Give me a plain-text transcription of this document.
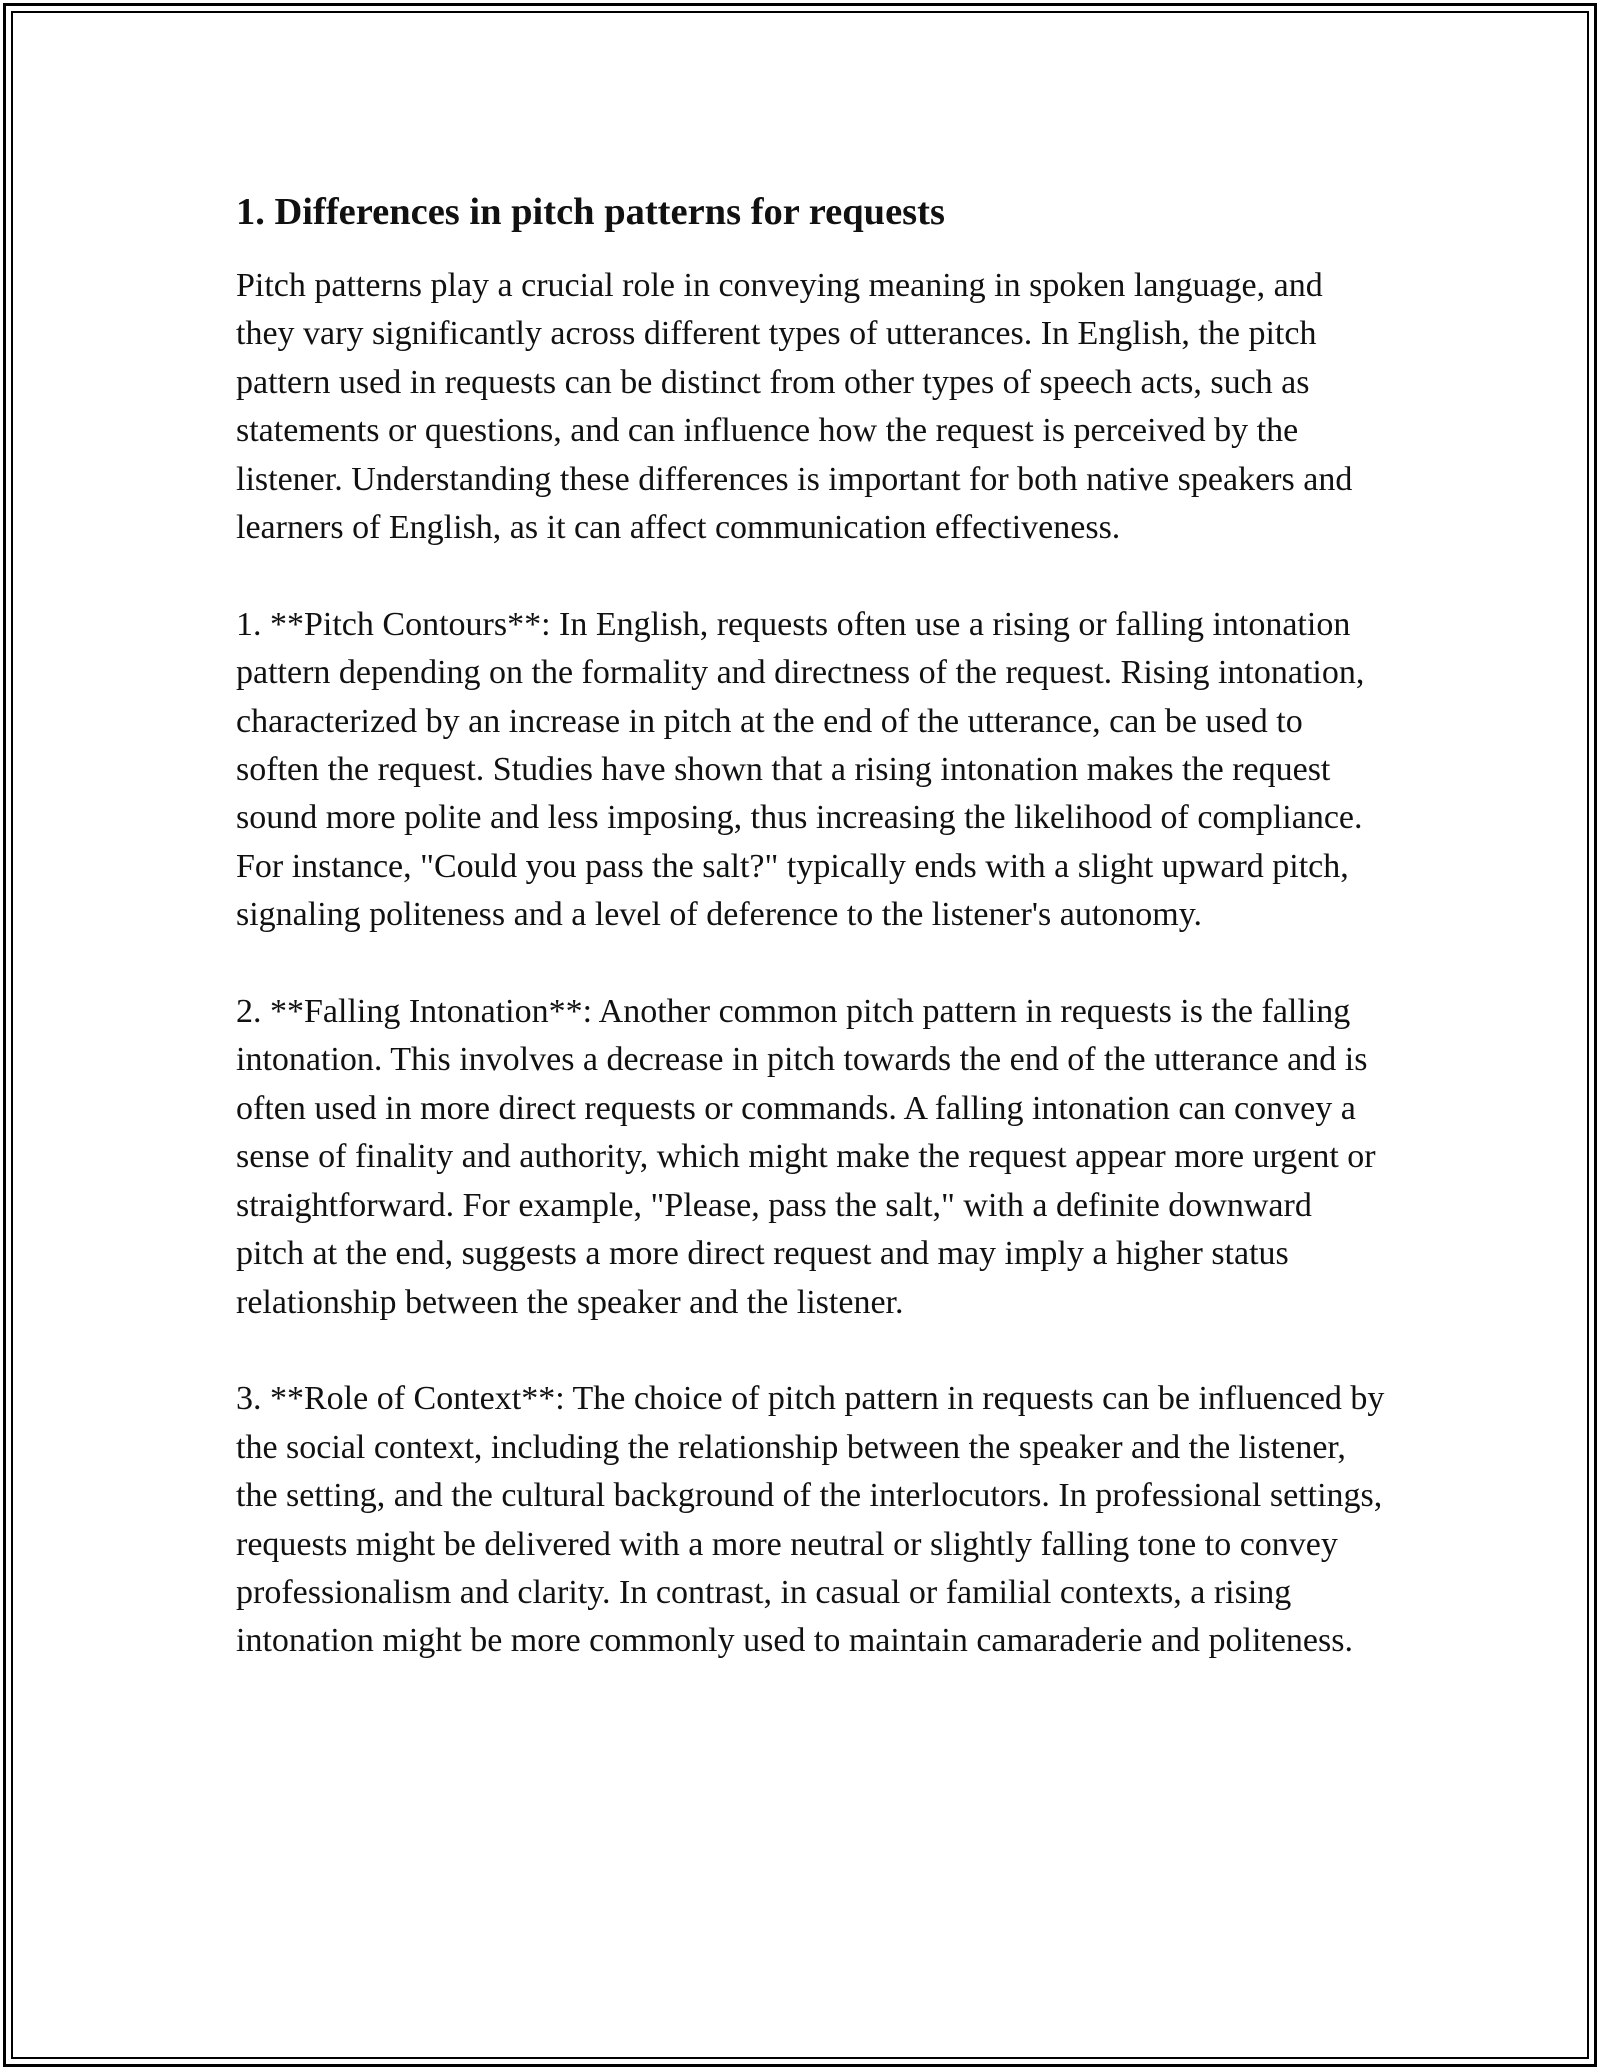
1. Differences in pitch patterns for requests

Pitch patterns play a crucial role in conveying meaning in spoken language, and they vary significantly across different types of utterances. In English, the pitch pattern used in requests can be distinct from other types of speech acts, such as statements or questions, and can influence how the request is perceived by the listener. Understanding these differences is important for both native speakers and learners of English, as it can affect communication effectiveness.

1. **Pitch Contours**: In English, requests often use a rising or falling intonation pattern depending on the formality and directness of the request. Rising intonation, characterized by an increase in pitch at the end of the utterance, can be used to soften the request. Studies have shown that a rising intonation makes the request sound more polite and less imposing, thus increasing the likelihood of compliance. For instance, "Could you pass the salt?" typically ends with a slight upward pitch, signaling politeness and a level of deference to the listener's autonomy.

2. **Falling Intonation**: Another common pitch pattern in requests is the falling intonation. This involves a decrease in pitch towards the end of the utterance and is often used in more direct requests or commands. A falling intonation can convey a sense of finality and authority, which might make the request appear more urgent or straightforward. For example, "Please, pass the salt," with a definite downward pitch at the end, suggests a more direct request and may imply a higher status relationship between the speaker and the listener.

3. **Role of Context**: The choice of pitch pattern in requests can be influenced by the social context, including the relationship between the speaker and the listener, the setting, and the cultural background of the interlocutors. In professional settings, requests might be delivered with a more neutral or slightly falling tone to convey professionalism and clarity. In contrast, in casual or familial contexts, a rising intonation might be more commonly used to maintain camaraderie and politeness.
